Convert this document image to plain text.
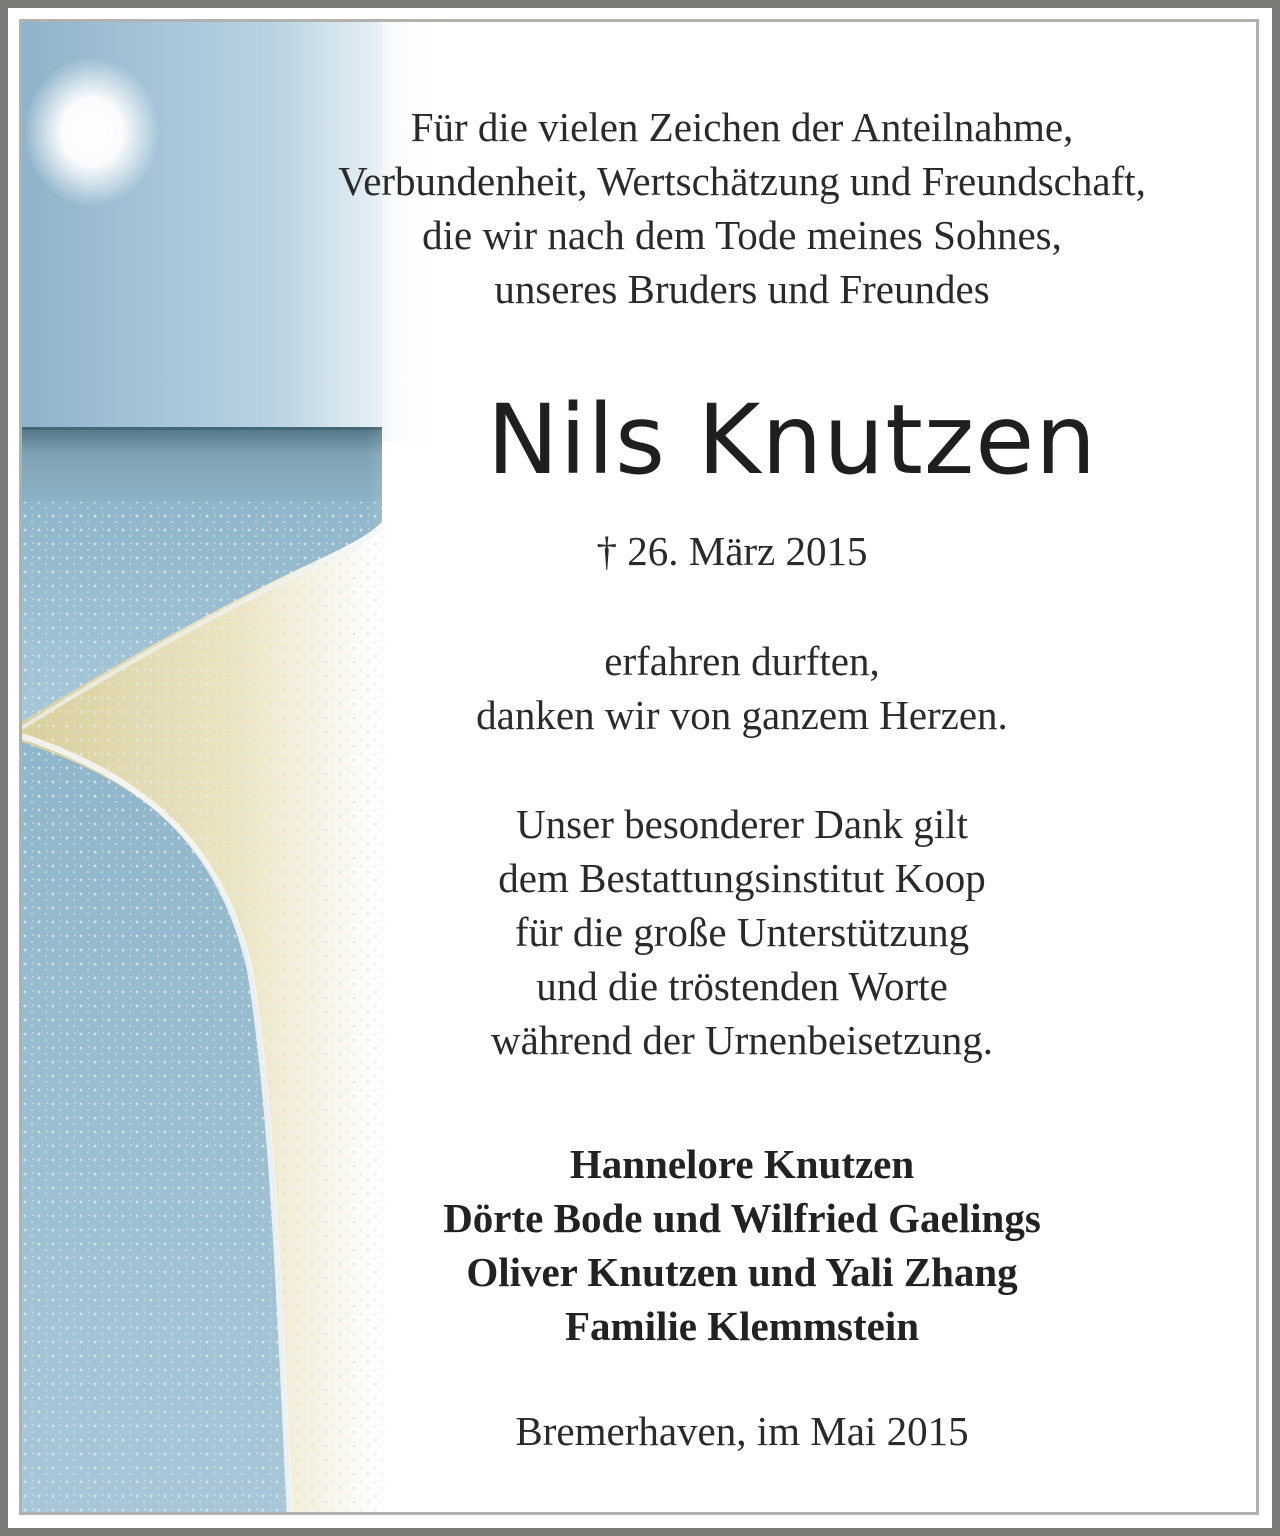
Für die vielen Zeichen der Anteilnahme,
Verbundenheit, Wertschätzung und Freundschaft,
die wir nach dem Tode meines Sohnes,
unseres Bruders und Freundes
Nils Knutzen
† 26. März 2015
erfahren durften,
danken wir von ganzem Herzen.
Unser besonderer Dank gilt
dem Bestattungsinstitut Koop
für die große Unterstützung
und die tröstenden Worte
während der Urnenbeisetzung.
Hannelore Knutzen
Dörte Bode und Wilfried Gaelings
Oliver Knutzen und Yali Zhang
Familie Klemmstein
Bremerhaven, im Mai 2015
